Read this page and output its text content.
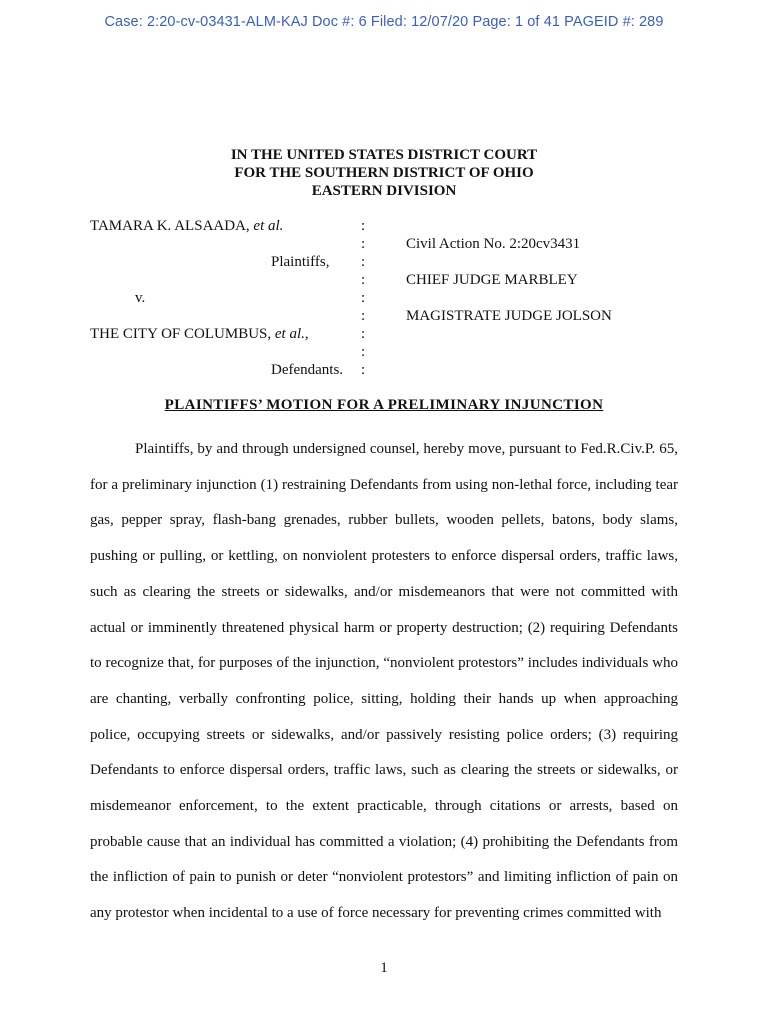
Case: 2:20-cv-03431-ALM-KAJ Doc #: 6 Filed: 12/07/20 Page: 1 of 41 PAGEID #: 289
IN THE UNITED STATES DISTRICT COURT
FOR THE SOUTHERN DISTRICT OF OHIO
EASTERN DIVISION
TAMARA K. ALSAADA, et al.	:
:	Civil Action No. 2:20cv3431
Plaintiffs, :
:	CHIEF JUDGE MARBLEY
v.	:
:	MAGISTRATE JUDGE JOLSON
THE CITY OF COLUMBUS, et al.,	:
:
Defendants. :
PLAINTIFFS’ MOTION FOR A PRELIMINARY INJUNCTION

Plaintiffs, by and through undersigned counsel, hereby move, pursuant to Fed.R.Civ.P. 65, for a preliminary injunction (1) restraining Defendants from using non-lethal force, including tear gas, pepper spray, flash-bang grenades, rubber bullets, wooden pellets, batons, body slams, pushing or pulling, or kettling, on nonviolent protesters to enforce dispersal orders, traffic laws, such as clearing the streets or sidewalks, and/or misdemeanors that were not committed with actual or imminently threatened physical harm or property destruction; (2) requiring Defendants to recognize that, for purposes of the injunction, “nonviolent protestors” includes individuals who are chanting, verbally confronting police, sitting, holding their hands up when approaching police, occupying streets or sidewalks, and/or passively resisting police orders; (3) requiring Defendants to enforce dispersal orders, traffic laws, such as clearing the streets or sidewalks, or misdemeanor enforcement, to the extent practicable, through citations or arrests, based on probable cause that an individual has committed a violation; (4) prohibiting the Defendants from the infliction of pain to punish or deter “nonviolent protestors” and limiting infliction of pain on any protestor when incidental to a use of force necessary for preventing crimes committed with

1
